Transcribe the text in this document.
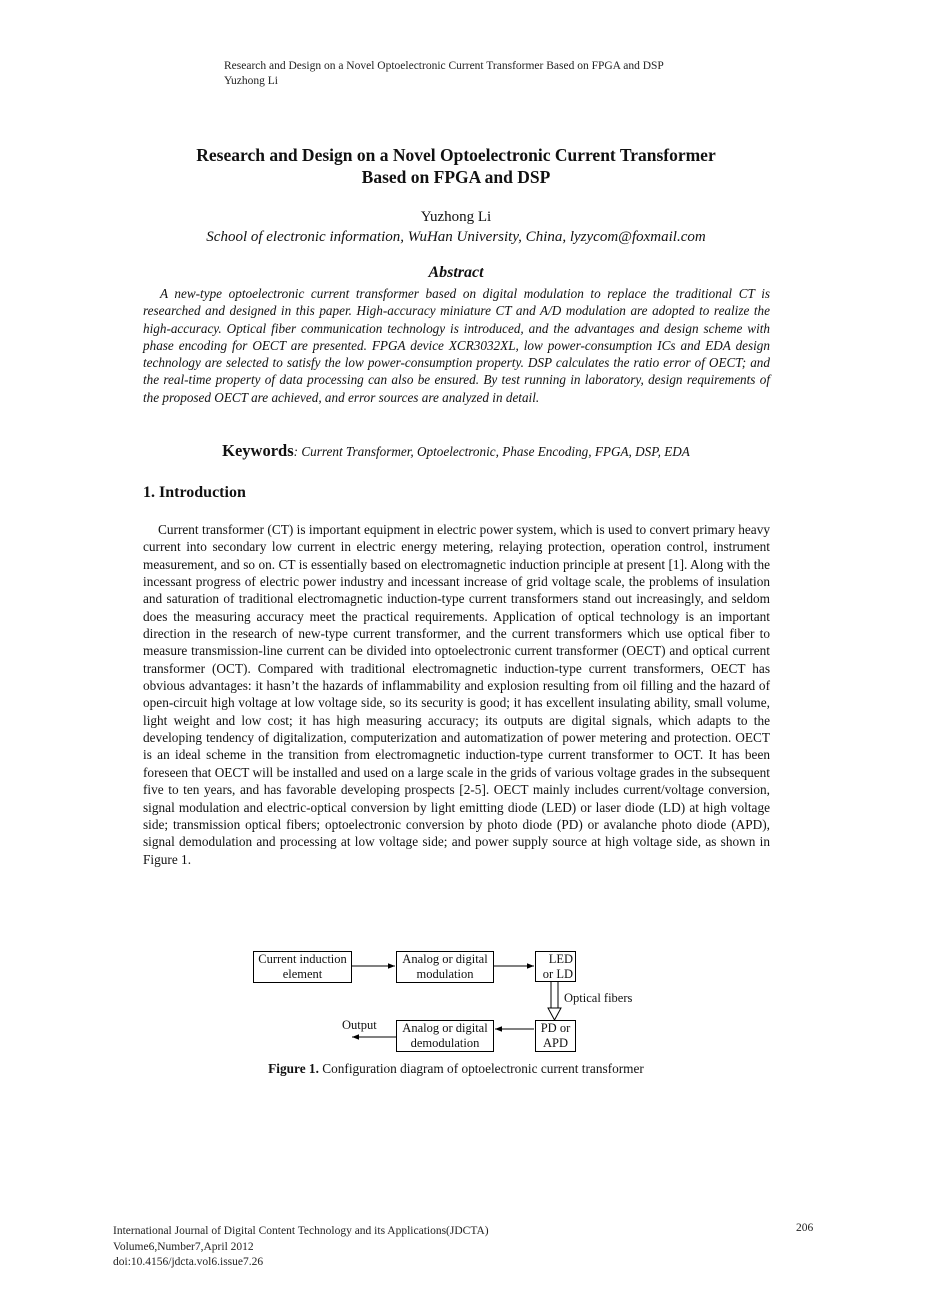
Research and Design on a Novel Optoelectronic Current Transformer Based on FPGA and DSP
Yuzhong Li
Research and Design on a Novel Optoelectronic Current Transformer
Based on FPGA and DSP
Yuzhong Li
School of electronic information, WuHan University, China, lyzycom@foxmail.com
Abstract

A new-type optoelectronic current transformer based on digital modulation to replace the traditional CT is researched and designed in this paper. High-accuracy miniature CT and A/D modulation are adopted to realize the high-accuracy. Optical fiber communication technology is introduced, and the advantages and design scheme with phase encoding for OECT are presented. FPGA device XCR3032XL, low power-consumption ICs and EDA design technology are selected to satisfy the low power-consumption property. DSP calculates the ratio error of OECT; and the real-time property of data processing can also be ensured. By test running in laboratory, design requirements of the proposed OECT are achieved, and error sources are analyzed in detail.

Keywords: Current Transformer, Optoelectronic, Phase Encoding, FPGA, DSP, EDA
1. Introduction

Current transformer (CT) is important equipment in electric power system, which is used to convert primary heavy current into secondary low current in electric energy metering, relaying protection, operation control, instrument measurement, and so on. CT is essentially based on electromagnetic induction principle at present [1]. Along with the incessant progress of electric power industry and incessant increase of grid voltage scale, the problems of insulation and saturation of traditional electromagnetic induction-type current transformers stand out increasingly, and seldom does the measuring accuracy meet the practical requirements. Application of optical technology is an important direction in the research of new-type current transformer, and the current transformers which use optical fiber to measure transmission-line current can be divided into optoelectronic current transformer (OECT) and optical current transformer (OCT). Compared with traditional electromagnetic induction-type current transformers, OECT has obvious advantages: it hasn’t the hazards of inflammability and explosion resulting from oil filling and the hazard of open-circuit high voltage at low voltage side, so its security is good; it has excellent insulating ability, small volume, light weight and low cost; it has high measuring accuracy; its outputs are digital signals, which adapts to the developing tendency of digitalization, computerization and automatization of power metering and protection. OECT is an ideal scheme in the transition from electromagnetic induction-type current transformer to OCT. It has been foreseen that OECT will be installed and used on a large scale in the grids of various voltage grades in the subsequent five to ten years, and has favorable developing prospects [2-5]. OECT mainly includes current/voltage conversion, signal modulation and electric-optical conversion by light emitting diode (LED) or laser diode (LD) at high voltage side; transmission optical fibers; optoelectronic conversion by photo diode (PD) or avalanche photo diode (APD), signal demodulation and processing at low voltage side; and power supply source at high voltage side, as shown in Figure 1.

Current induction
element
Analog or digital
modulation
LED
or LD
Optical fibers
PD or
APD
Analog or digital
demodulation
Output
Figure 1. Configuration diagram of optoelectronic current transformer
International Journal of Digital Content Technology and its Applications(JDCTA)
Volume6,Number7,April 2012
doi:10.4156/jdcta.vol6.issue7.26
206
